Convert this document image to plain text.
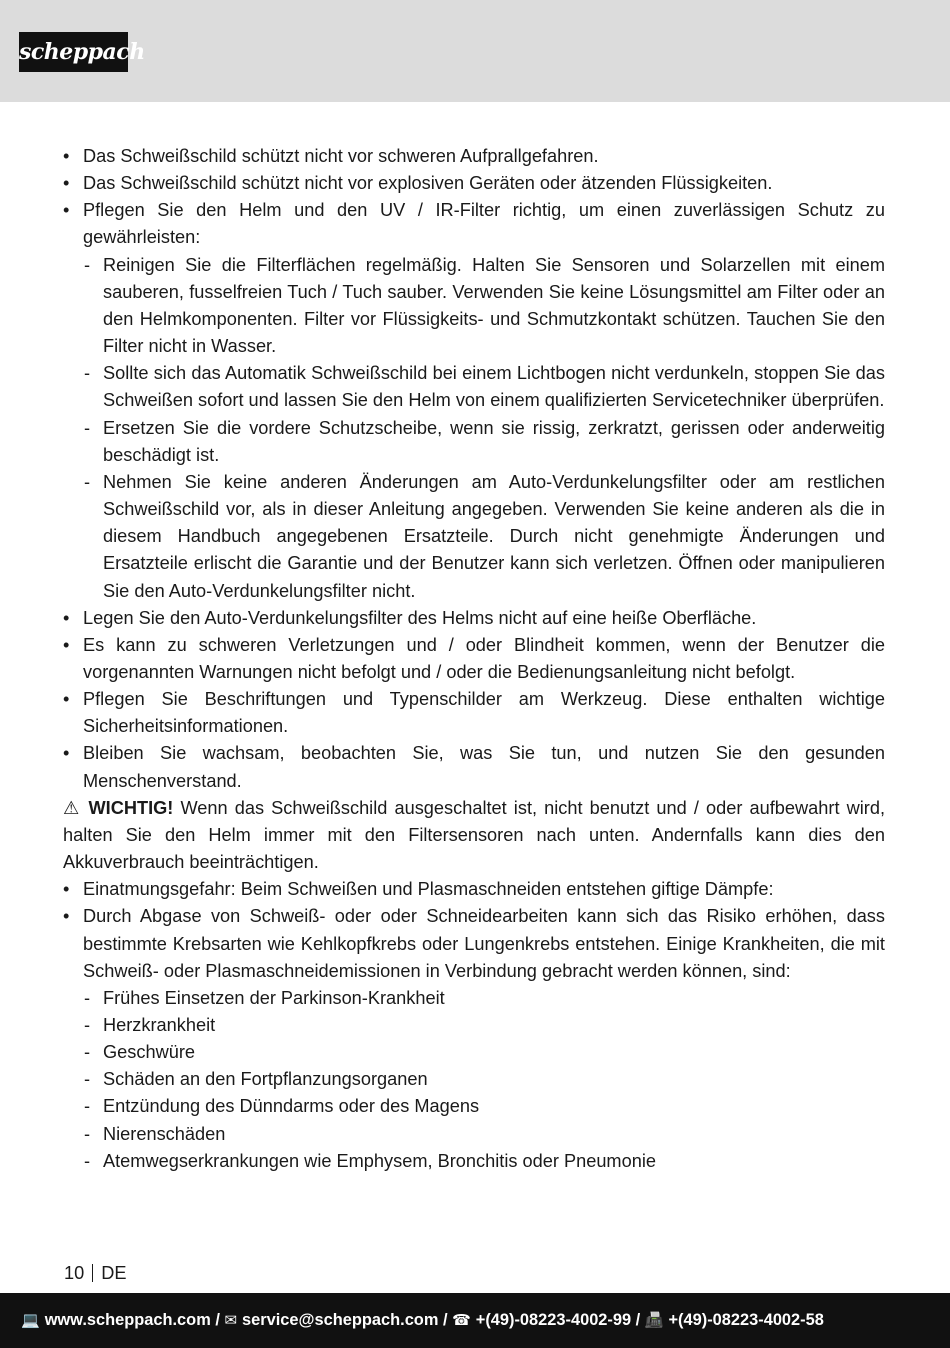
scheppach
• Das Schweißschild schützt nicht vor schweren Aufprallgefahren.
• Das Schweißschild schützt nicht vor explosiven Geräten oder ätzenden Flüssigkeiten.
• Pflegen Sie den Helm und den UV / IR-Filter richtig, um einen zuverlässigen Schutz zu gewährleisten:
- Reinigen Sie die Filterflächen regelmäßig. Halten Sie Sensoren und Solarzellen mit einem sauberen, fusselfreien Tuch / Tuch sauber. Verwenden Sie keine Lösungsmittel am Filter oder an den Helmkomponenten. Filter vor Flüssigkeits- und Schmutzkontakt schützen. Tauchen Sie den Filter nicht in Wasser.
- Sollte sich das Automatik Schweißschild bei einem Lichtbogen nicht verdunkeln, stoppen Sie das Schweißen sofort und lassen Sie den Helm von einem qualifizierten Servicetechniker überprüfen.
- Ersetzen Sie die vordere Schutzscheibe, wenn sie rissig, zerkratzt, gerissen oder anderweitig beschädigt ist.
- Nehmen Sie keine anderen Änderungen am Auto-Verdunkelungsfilter oder am restlichen Schweißschild vor, als in dieser Anleitung angegeben. Verwenden Sie keine anderen als die in diesem Handbuch angegebenen Ersatzteile. Durch nicht genehmigte Änderungen und Ersatzteile erlischt die Garantie und der Benutzer kann sich verletzen. Öffnen oder manipulieren Sie den Auto-Verdunkelungsfilter nicht.
• Legen Sie den Auto-Verdunkelungsfilter des Helms nicht auf eine heiße Oberfläche.
• Es kann zu schweren Verletzungen und / oder Blindheit kommen, wenn der Benutzer die vorgenannten Warnungen nicht befolgt und / oder die Bedienungsanleitung nicht befolgt.
• Pflegen Sie Beschriftungen und Typenschilder am Werkzeug. Diese enthalten wichtige Sicherheitsinformationen.
• Bleiben Sie wachsam, beobachten Sie, was Sie tun, und nutzen Sie den gesunden Menschenverstand.
⚠ WICHTIG! Wenn das Schweißschild ausgeschaltet ist, nicht benutzt und / oder aufbewahrt wird, halten Sie den Helm immer mit den Filtersensoren nach unten. Andernfalls kann dies den Akkuverbrauch beeinträchtigen.
• Einatmungsgefahr: Beim Schweißen und Plasmaschneiden entstehen giftige Dämpfe:
• Durch Abgase von Schweiß- oder oder Schneidearbeiten kann sich das Risiko erhöhen, dass bestimmte Krebsarten wie Kehlkopfkrebs oder Lungenkrebs entstehen. Einige Krankheiten, die mit Schweiß- oder Plasmaschneidemissionen in Verbindung gebracht werden können, sind:
- Frühes Einsetzen der Parkinson-Krankheit
- Herzkrankheit
- Geschwüre
- Schäden an den Fortpflanzungsorganen
- Entzündung des Dünndarms oder des Magens
- Nierenschäden
- Atemwegserkrankungen wie Emphysem, Bronchitis oder Pneumonie
10 DE
💻 www.scheppach.com / ✉ service@scheppach.com / ☎ +(49)-08223-4002-99 / 📠 +(49)-08223-4002-58
